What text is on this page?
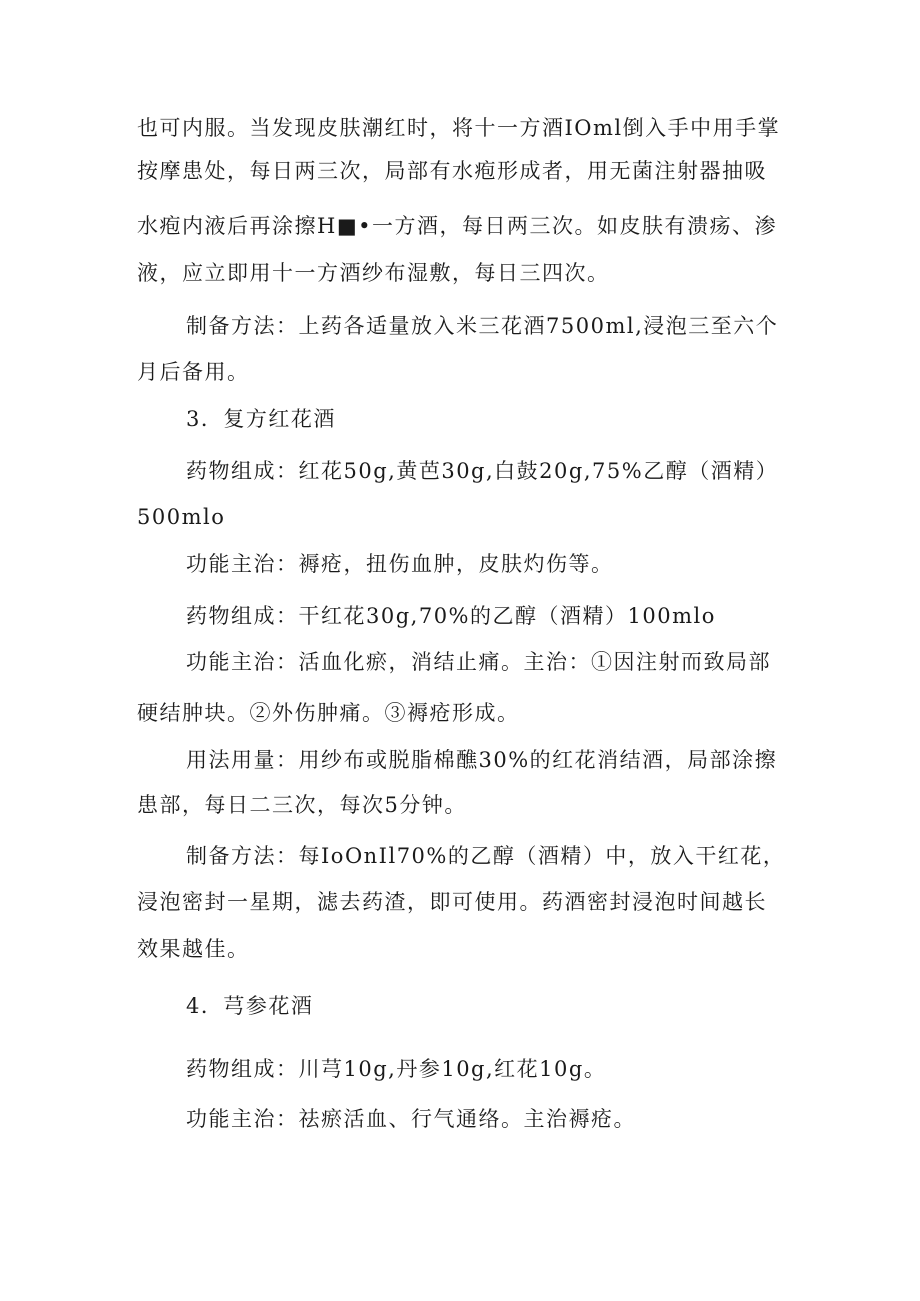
也可内服。当发现皮肤潮红时，将十一方酒IOml倒入手中用手掌
按摩患处，每日两三次，局部有水疱形成者，用无菌注射器抽吸
水疱内液后再涂擦H■•一方酒，每日两三次。如皮肤有溃疡、渗
液，应立即用十一方酒纱布湿敷，每日三四次。
制备方法：上药各适量放入米三花酒7500ml,浸泡三至六个
月后备用。
3．复方红花酒
药物组成：红花50g,黄芭30g,白鼓20g,75%乙醇（酒精）
500mlo
功能主治：褥疮，扭伤血肿，皮肤灼伤等。
药物组成：干红花30g,70%的乙醇（酒精）100mlo
功能主治：活血化瘀，消结止痛。主治：①因注射而致局部
硬结肿块。②外伤肿痛。③褥疮形成。
用法用量：用纱布或脱脂棉醮30%的红花消结酒，局部涂擦
患部，每日二三次，每次5分钟。
制备方法：每IoOnIl70%的乙醇（酒精）中，放入干红花，
浸泡密封一星期，滤去药渣，即可使用。药酒密封浸泡时间越长
效果越佳。
4．芎参花酒
药物组成：川芎10g,丹参10g,红花10g。
功能主治：祛瘀活血、行气通络。主治褥疮。
